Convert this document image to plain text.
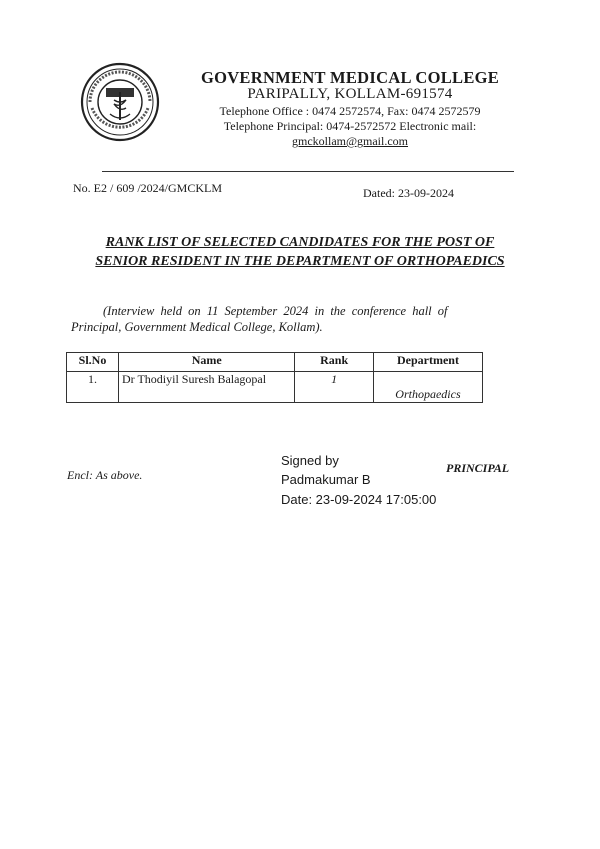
GOVERNMENT MEDICAL COLLEGE
PARIPALLY, KOLLAM-691574
Telephone Office : 0474 2572574, Fax: 0474 2572579
Telephone Principal: 0474-2572572 Electronic mail:
gmckollam@gmail.com
No. E2 / 609 /2024/GMCKLM	Dated: 23-09-2024
RANK LIST OF SELECTED CANDIDATES FOR THE POST OF
SENIOR RESIDENT IN THE DEPARTMENT OF ORTHOPAEDICS
(Interview held on 11 September 2024 in the conference hall of
Principal, Government Medical College, Kollam).
Sl.No	Name	Rank	Department
1.	Dr Thodiyil Suresh Balagopal	1	Orthopaedics
Encl: As above.
Signed by
Padmakumar B
Date: 23-09-2024 17:05:00
PRINCIPAL
